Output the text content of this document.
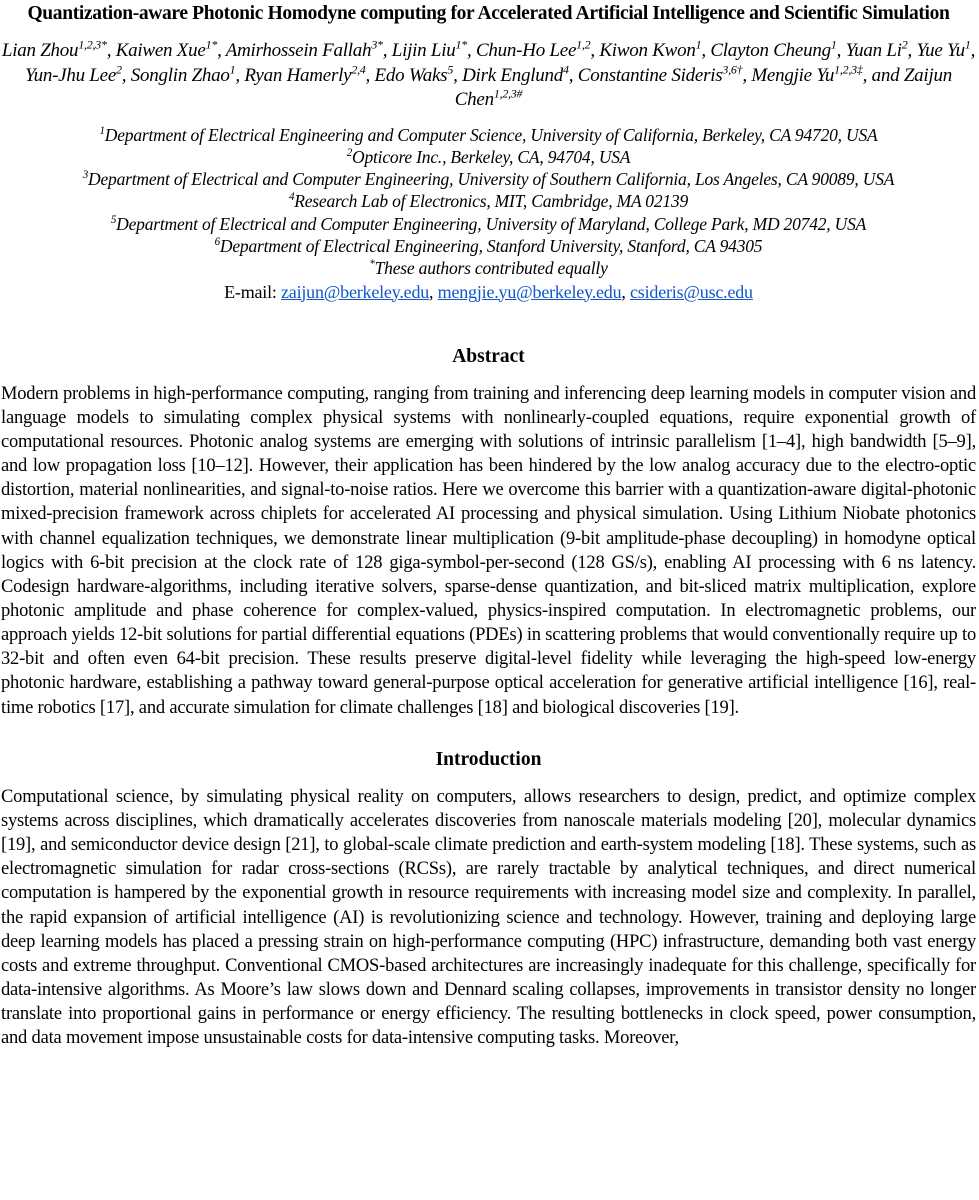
Quantization-aware Photonic Homodyne computing for Accelerated Artificial Intelligence and Scientific Simulation
Lian Zhou$^{1,2,3*}$, Kaiwen Xue$^{1*}$, Amirhossein Fallah$^{3*}$, Lijin Liu$^{1*}$, Chun-Ho Lee$^{1,2}$, Kiwon Kwon$^1$, Clayton Cheung$^1$, Yuan Li$^2$, Yue Yu$^1$, Yun-Jhu Lee$^2$, Songlin Zhao$^1$, Ryan Hamerly$^{2,4}$, Edo Waks$^5$, Dirk Englund$^4$, Constantine Sideris$^{3,6\dagger}$, Mengjie $Yu^{1,2,3\ddagger}$, and Zaijun Chen$^{1,2,3\#}$
$^1$Department of Electrical Engineering and Computer Science, University of California, Berkeley, CA 94720, USA
$^2$Opticore Inc., Berkeley, CA, 94704, USA
$^3$Department of Electrical and Computer Engineering, University of Southern California, Los Angeles, CA 90089, USA
$^4$Research Lab of Electronics, MIT, Cambridge, MA 02139
$^5$Department of Electrical and Computer Engineering, University of Maryland, College Park, MD 20742, USA
$^6$Department of Electrical Engineering, Stanford University, Stanford, CA 94305
*These authors contributed equally
E-mail: zaijun@berkeley.edu, mengjie.yu@berkeley.edu, csideris@usc.edu
Abstract
Modern problems in high-performance computing, ranging from training and inferencing deep learning models in computer vision and language models to simulating complex physical systems with nonlinearly-coupled equations, require exponential growth of computational resources. Photonic analog systems are emerging with solutions of intrinsic parallelism [1–4], high bandwidth [5–9], and low propagation loss [10–12]. However, their application has been hindered by the low analog accuracy due to the electro-optic distortion, material nonlinearities, and signal-to-noise ratios. Here we overcome this barrier with a quantization-aware digital-photonic mixed-precision framework across chiplets for accelerated AI processing and physical simulation. Using Lithium Niobate photonics with channel equalization techniques, we demonstrate linear multiplication (9-bit amplitude-phase decoupling) in homodyne optical logics with 6-bit precision at the clock rate of 128 giga-symbol-per-second (128 GS/s), enabling AI processing with 6 ns latency. Codesign hardware-algorithms, including iterative solvers, sparse-dense quantization, and bit-sliced matrix multiplication, explore photonic amplitude and phase coherence for complex-valued, physics-inspired computation. In electromagnetic problems, our approach yields 12-bit solutions for partial differential equations (PDEs) in scattering problems that would conventionally require up to 32-bit and often even 64-bit precision. These results preserve digital-level fidelity while leveraging the high-speed low-energy photonic hardware, establishing a pathway toward general-purpose optical acceleration for generative artificial intelligence [16], real-time robotics [17], and accurate simulation for climate challenges [18] and biological discoveries [19].
Introduction
Computational science, by simulating physical reality on computers, allows researchers to design, predict, and optimize complex systems across disciplines, which dramatically accelerates discoveries from nanoscale materials modeling [20], molecular dynamics [19], and semiconductor device design [21], to global-scale climate prediction and earth-system modeling [18]. These systems, such as electromagnetic simulation for radar cross-sections (RCSs), are rarely tractable by analytical techniques, and direct numerical computation is hampered by the exponential growth in resource requirements with increasing model size and complexity. In parallel, the rapid expansion of artificial intelligence (AI) is revolutionizing science and technology. However, training and deploying large deep learning models has placed a pressing strain on high-performance computing (HPC) infrastructure, demanding both vast energy costs and extreme throughput. Conventional CMOS-based architectures are increasingly inadequate for this challenge, specifically for data-intensive algorithms. As Moore’s law slows down and Dennard scaling collapses, improvements in transistor density no longer translate into proportional gains in performance or energy efficiency. The resulting bottlenecks in clock speed, power consumption, and data movement impose unsustainable costs for data-intensive computing tasks. Moreover,
